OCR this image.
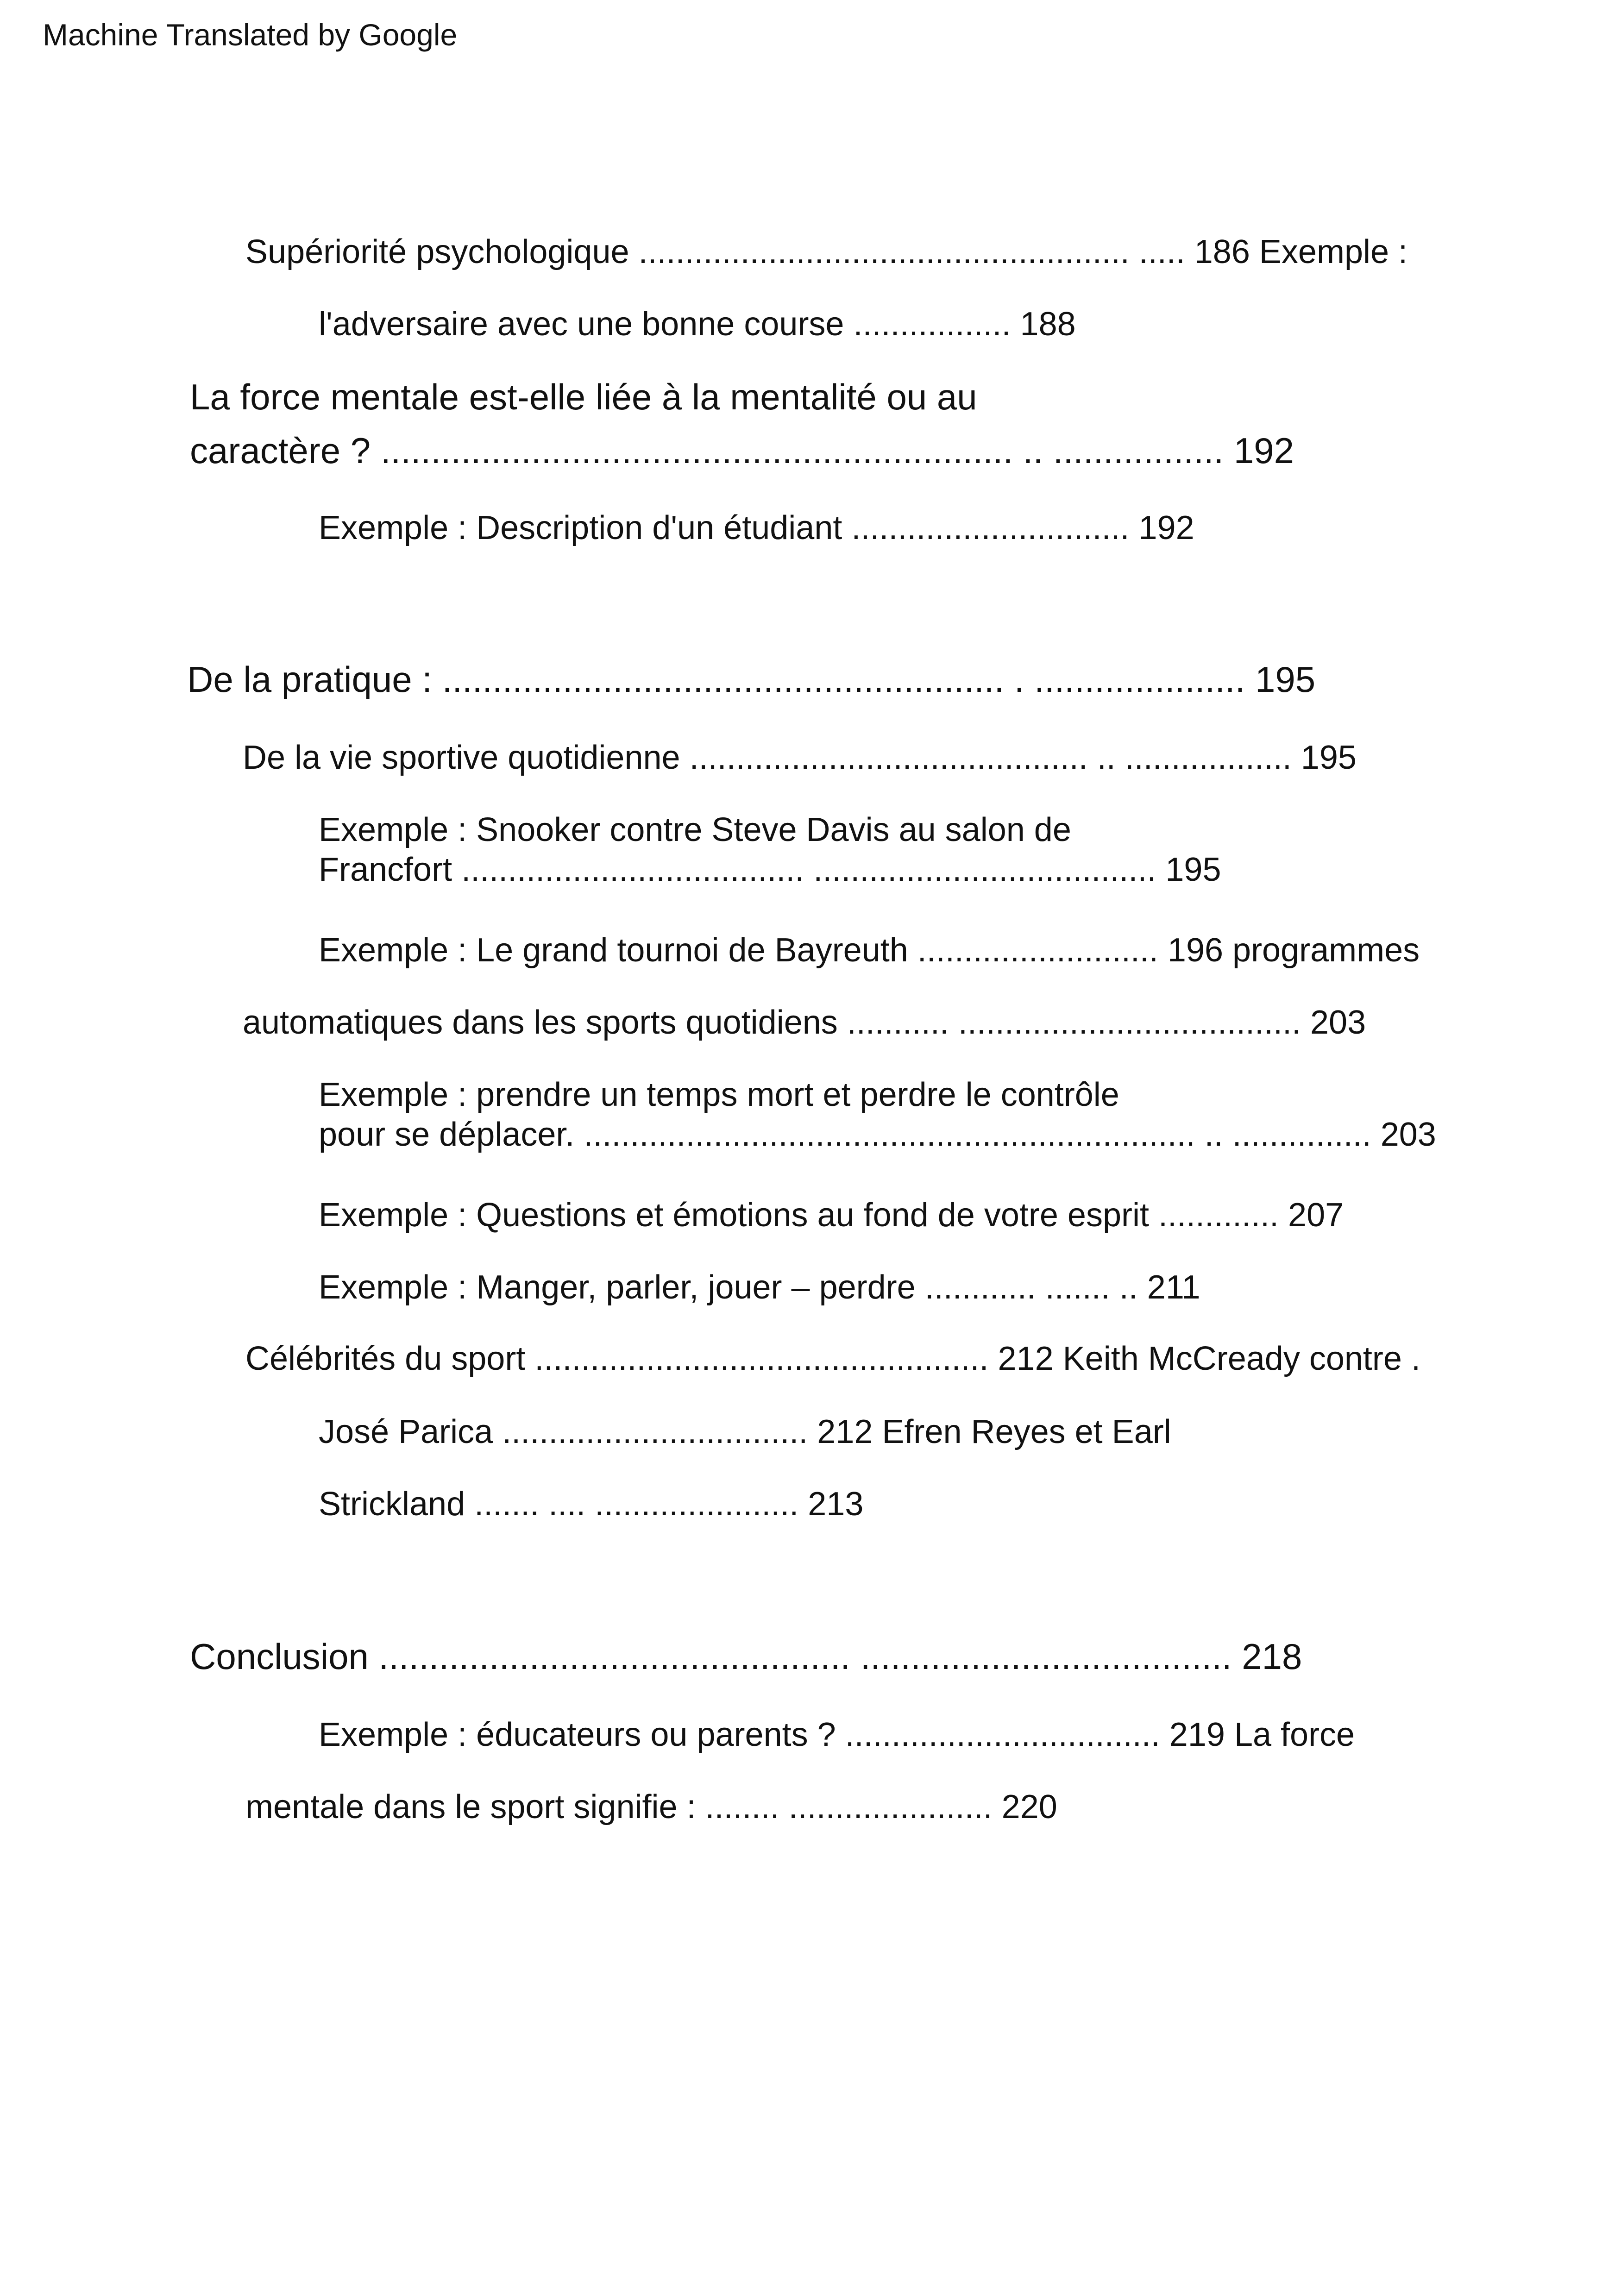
Machine Translated by Google
Supériorité psychologique ..................................................... ..... 186 Exemple :
l'adversaire avec une bonne course ................. 188
La force mentale est-elle liée à la mentalité ou au
caractère ? ............................................................... .. ................. 192
Exemple : Description d'un étudiant .............................. 192
De la pratique : ........................................................ . ..................... 195
De la vie sportive quotidienne ........................................... .. .................. 195
Exemple : Snooker contre Steve Davis au salon de
Francfort ..................................... ..................................... 195
Exemple : Le grand tournoi de Bayreuth .......................... 196 programmes
automatiques dans les sports quotidiens ........... ..................................... 203
Exemple : prendre un temps mort et perdre le contrôle
pour se déplacer. .................................................................. .. ............... 203
Exemple : Questions et émotions au fond de votre esprit ............. 207
Exemple : Manger, parler, jouer – perdre ............ ....... .. 211
Célébrités du sport ................................................. 212 Keith McCready contre .
José Parica ................................. 212 Efren Reyes et Earl
Strickland ....... .... ...................... 213
Conclusion ............................................... ..................................... 218
Exemple : éducateurs ou parents ? .................................. 219 La force
mentale dans le sport signifie : ........ ...................... 220
